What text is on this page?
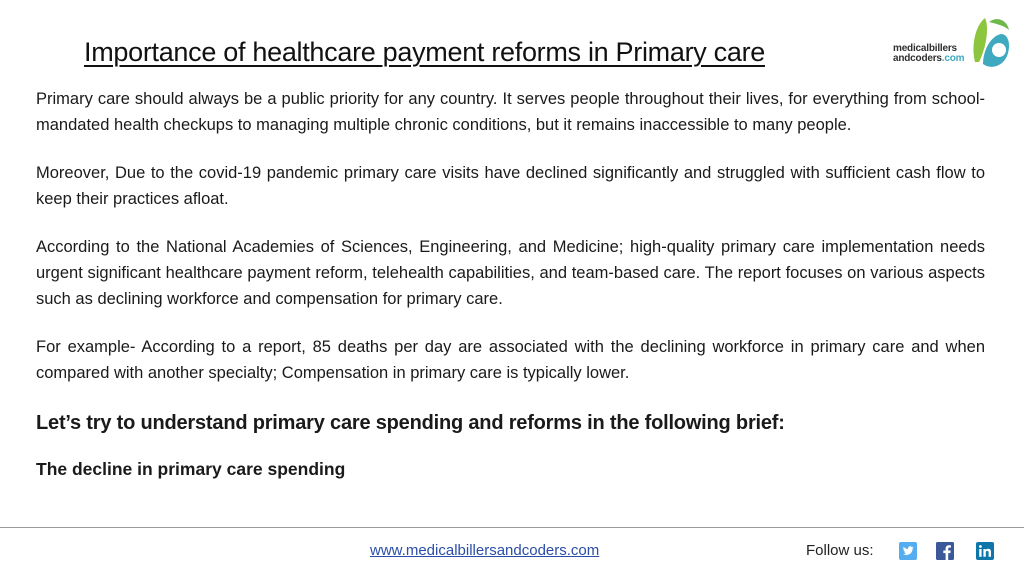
Importance of healthcare payment reforms in Primary care	medicalbillers
andcoders.com

Primary care should always be a public priority for any country. It serves people throughout their lives, for everything from school-mandated health checkups to managing multiple chronic conditions, but it remains inaccessible to many people.

Moreover, Due to the covid-19 pandemic primary care visits have declined significantly and struggled with sufficient cash flow to keep their practices afloat.

According to the National Academies of Sciences, Engineering, and Medicine; high-quality primary care implementation needs urgent significant healthcare payment reform, telehealth capabilities, and team-based care. The report focuses on various aspects such as declining workforce and compensation for primary care.

For example- According to a report, 85 deaths per day are associated with the declining workforce in primary care and when compared with another specialty; Compensation in primary care is typically lower.

Let’s try to understand primary care spending and reforms in the following brief:
The decline in primary care spending
www.medicalbillersandcoders.com	Follow us:
